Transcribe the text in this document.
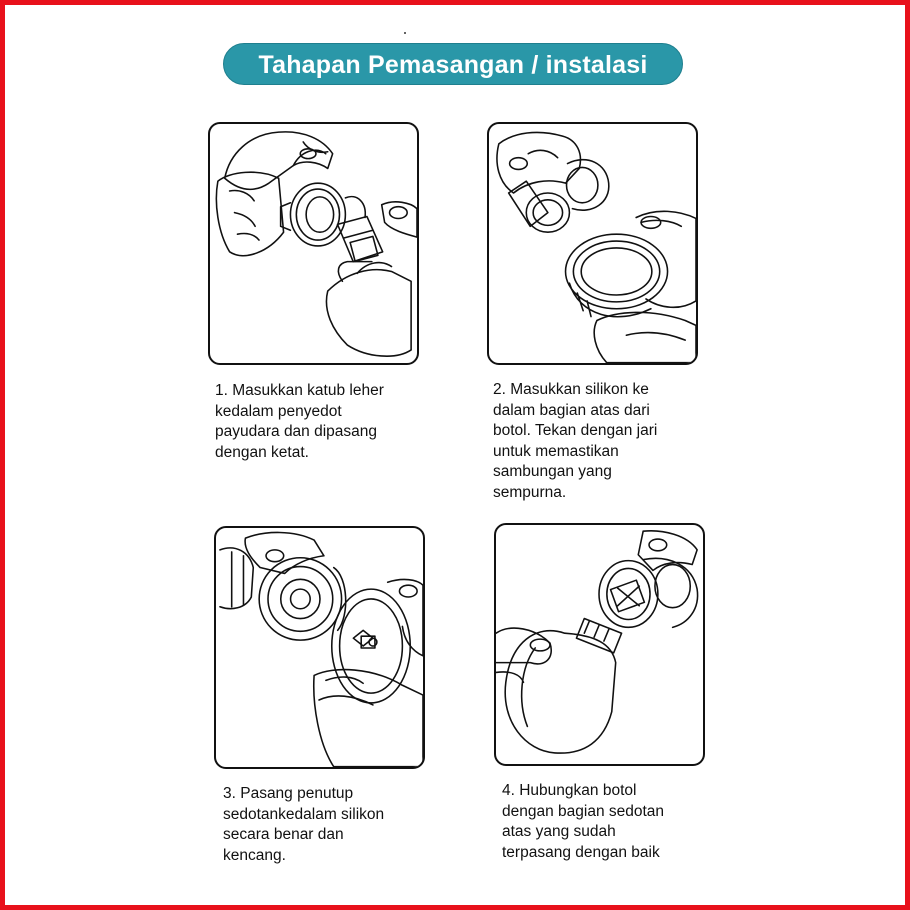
Tahapan Pemasangan / instalasi
1. Masukkan katub leher
kedalam penyedot
payudara dan dipasang
dengan ketat.
2. Masukkan silikon ke
dalam bagian atas dari
botol. Tekan dengan jari
untuk memastikan
sambungan yang
sempurna.
3. Pasang penutup
sedotankedalam silikon
secara benar dan
kencang.
4. Hubungkan botol
dengan bagian sedotan
atas yang sudah
terpasang dengan baik
